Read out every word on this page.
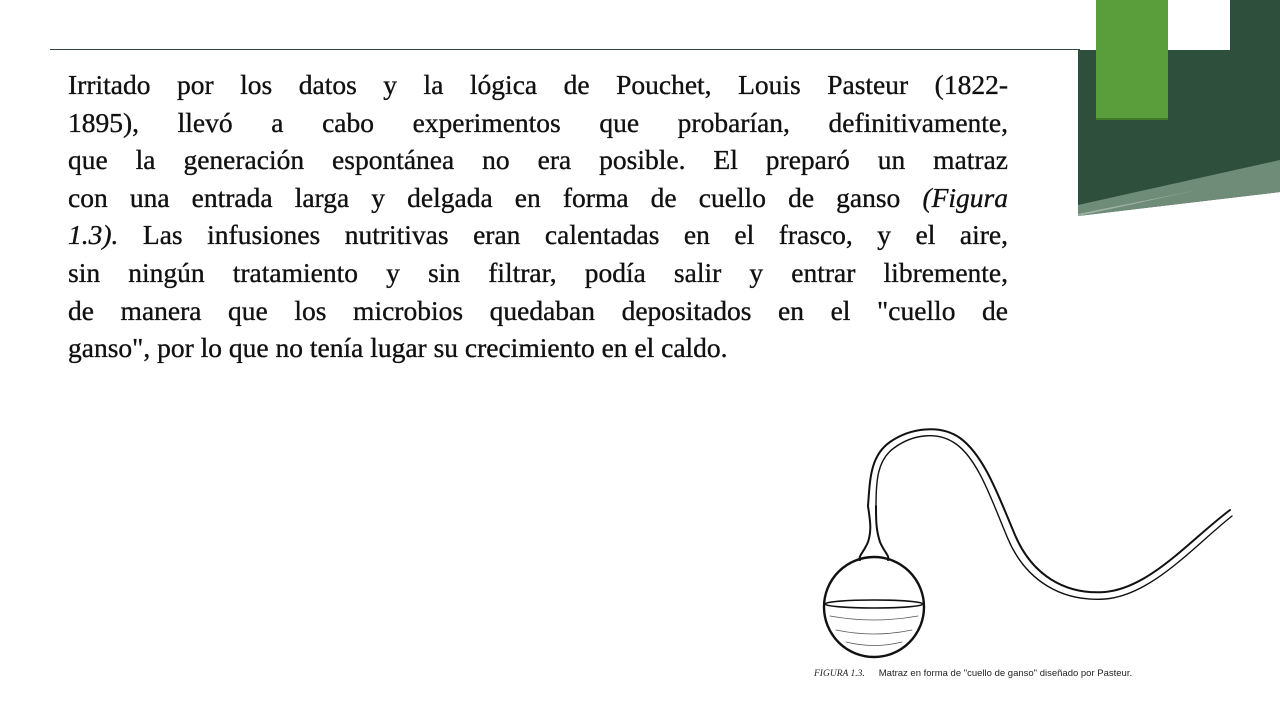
Irritado por los datos y la lógica de Pouchet, Louis Pasteur (1822-
1895), llevó a cabo experimentos que probarían, definitivamente,
que la generación espontánea no era posible. El preparó un matraz
con una entrada larga y delgada en forma de cuello de ganso (Figura
1.3). Las infusiones nutritivas eran calentadas en el frasco, y el aire,
sin ningún tratamiento y sin filtrar, podía salir y entrar libremente,
de manera que los microbios quedaban depositados en el "cuello de
ganso", por lo que no tenía lugar su crecimiento en el caldo.
FIGURA 1.3. Matraz en forma de "cuello de ganso" diseñado por Pasteur.
